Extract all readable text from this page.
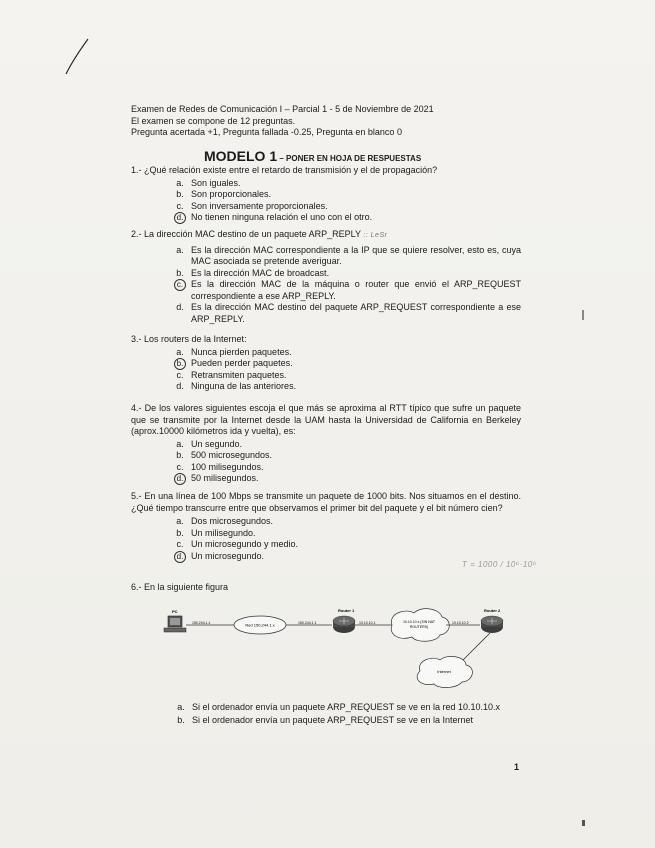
Examen de Redes de Comunicación I – Parcial 1 - 5 de Noviembre de 2021
El examen se compone de 12 preguntas.
Pregunta acertada +1, Pregunta fallada -0.25, Pregunta en blanco 0
MODELO 1 – PONER EN HOJA DE RESPUESTAS
1.- ¿Qué relación existe entre el retardo de transmisión y el de propagación?
a. Son iguales.
b. Son proporcionales.
c. Son inversamente proporcionales.
d. No tienen ninguna relación el uno con el otro.
2.- La dirección MAC destino de un paquete ARP_REPLY :: LeSr
a. Es la dirección MAC correspondiente a la IP que se quiere resolver, esto es, cuya MAC asociada se pretende averiguar.
b. Es la dirección MAC de broadcast.
c. Es la dirección MAC de la máquina o router que envió el ARP_REQUEST correspondiente a ese ARP_REPLY.
d. Es la dirección MAC destino del paquete ARP_REQUEST correspondiente a ese ARP_REPLY.
3.- Los routers de la Internet:
a. Nunca pierden paquetes.
b. Pueden perder paquetes.
c. Retransmiten paquetes.
d. Ninguna de las anteriores.
4.- De los valores siguientes escoja el que más se aproxima al RTT típico que sufre un paquete que se transmite por la Internet desde la UAM hasta la Universidad de California en Berkeley (aprox.10000 kilómetros ida y vuelta), es:
a. Un segundo.
b. 500 microsegundos.
c. 100 milisegundos.
d. 50 milisegundos.
5.- En una línea de 100 Mbps se transmite un paquete de 1000 bits. Nos situamos en el destino. ¿Qué tiempo transcurre entre que observamos el primer bit del paquete y el bit número cien?
a. Dos microsegundos.
b. Un milisegundo.
c. Un microsegundo y medio.
d. Un microsegundo.
T = 1000 / 10⁶·10⁶
6.- En la siguiente figura
PC
150.244.1.1	Red 150.244.1.x	150.244.1.1
Router 1
10.10.10.1	10.10.10.x (SIN NAT
ROUTERS)
10.10.10.2
Router 2
Internet
a. Si el ordenador envía un paquete ARP_REQUEST se ve en la red 10.10.10.x
b. Si el ordenador envía un paquete ARP_REQUEST se ve en la Internet
1
